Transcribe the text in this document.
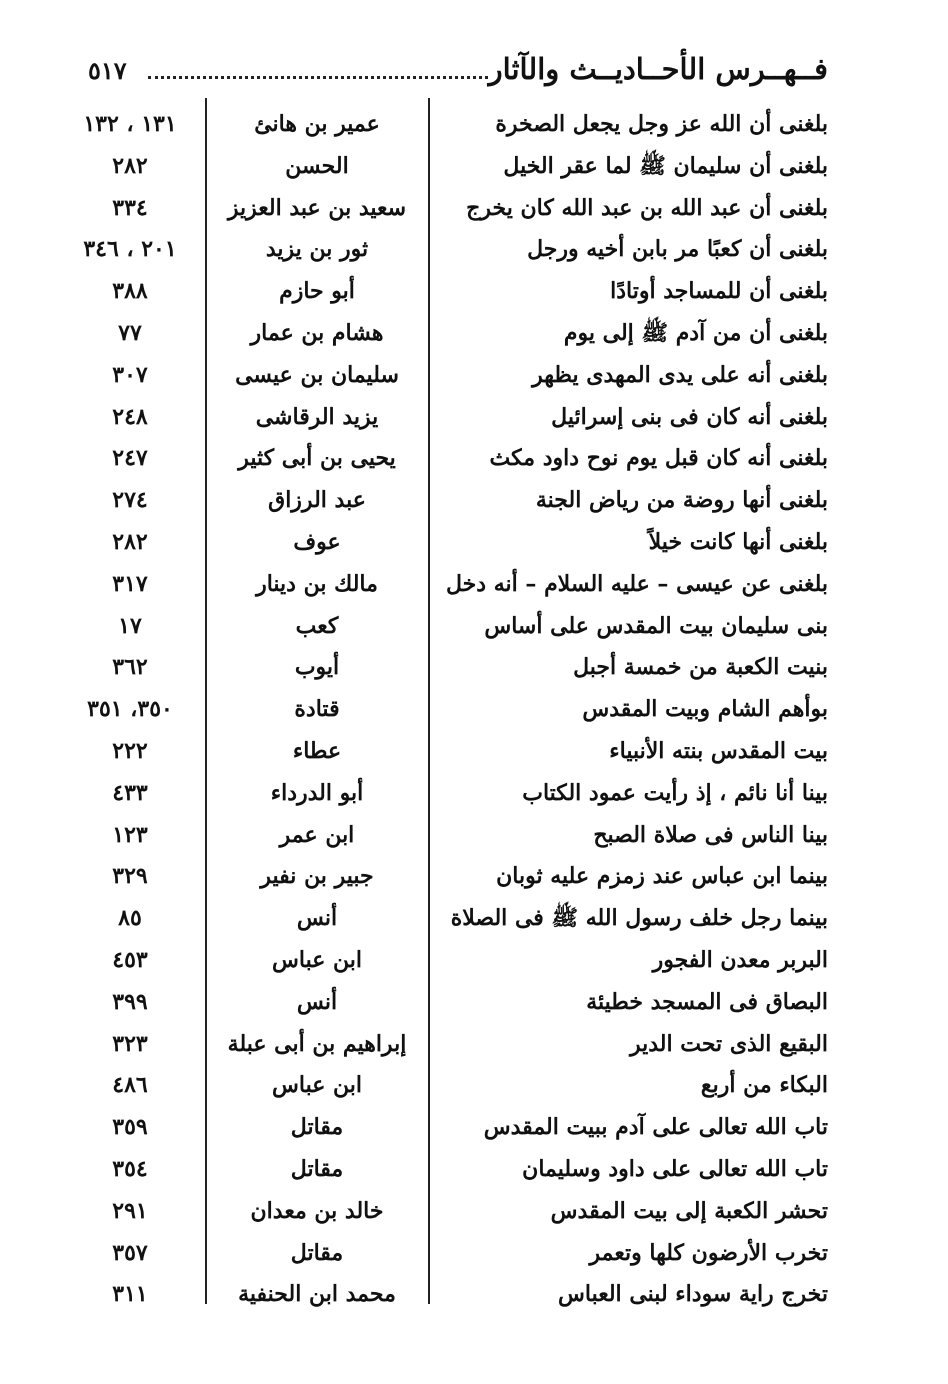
فــهــرس الأحــاديــث والآثار
٥١٧
بلغنى أن الله عز وجل يجعل الصخرة
عمير بن هانئ
١٣١ ، ١٣٢
بلغنى أن سليمان ﷺ لما عقر الخيل
الحسن
٢٨٢
بلغنى أن عبد الله بن عبد الله كان يخرج
سعيد بن عبد العزيز
٣٣٤
بلغنى أن كعبًا مر بابن أخيه ورجل
ثور بن يزيد
٢٠١ ، ٣٤٦
بلغنى أن للمساجد أوتادًا
أبو حازم
٣٨٨
بلغنى أن من آدم ﷺ إلى يوم
هشام بن عمار
٧٧
بلغنى أنه على يدى المهدى يظهر
سليمان بن عيسى
٣٠٧
بلغنى أنه كان فى بنى إسرائيل
يزيد الرقاشى
٢٤٨
بلغنى أنه كان قبل يوم نوح داود مكث
يحيى بن أبى كثير
٢٤٧
بلغنى أنها روضة من رياض الجنة
عبد الرزاق
٢٧٤
بلغنى أنها كانت خيلاً
عوف
٢٨٢
بلغنى عن عيسى – عليه السلام – أنه دخل
مالك بن دينار
٣١٧
بنى سليمان بيت المقدس على أساس
كعب
١٧
بنيت الكعبة من خمسة أجبل
أيوب
٣٦٢
بوأهم الشام وبيت المقدس
قتادة
٣٥٠، ٣٥١
بيت المقدس بنته الأنبياء
عطاء
٢٢٢
بينا أنا نائم ، إذ رأيت عمود الكتاب
أبو الدرداء
٤٣٣
بينا الناس فى صلاة الصبح
ابن عمر
١٢٣
بينما ابن عباس عند زمزم عليه ثوبان
جبير بن نفير
٣٢٩
بينما رجل خلف رسول الله ﷺ فى الصلاة
أنس
٨٥
البربر معدن الفجور
ابن عباس
٤٥٣
البصاق فى المسجد خطيئة
أنس
٣٩٩
البقيع الذى تحت الدير
إبراهيم بن أبى عبلة
٣٢٣
البكاء من أربع
ابن عباس
٤٨٦
تاب الله تعالى على آدم ببيت المقدس
مقاتل
٣٥٩
تاب الله تعالى على داود وسليمان
مقاتل
٣٥٤
تحشر الكعبة إلى بيت المقدس
خالد بن معدان
٢٩١
تخرب الأرضون كلها وتعمر
مقاتل
٣٥٧
تخرج راية سوداء لبنى العباس
محمد ابن الحنفية
٣١١
